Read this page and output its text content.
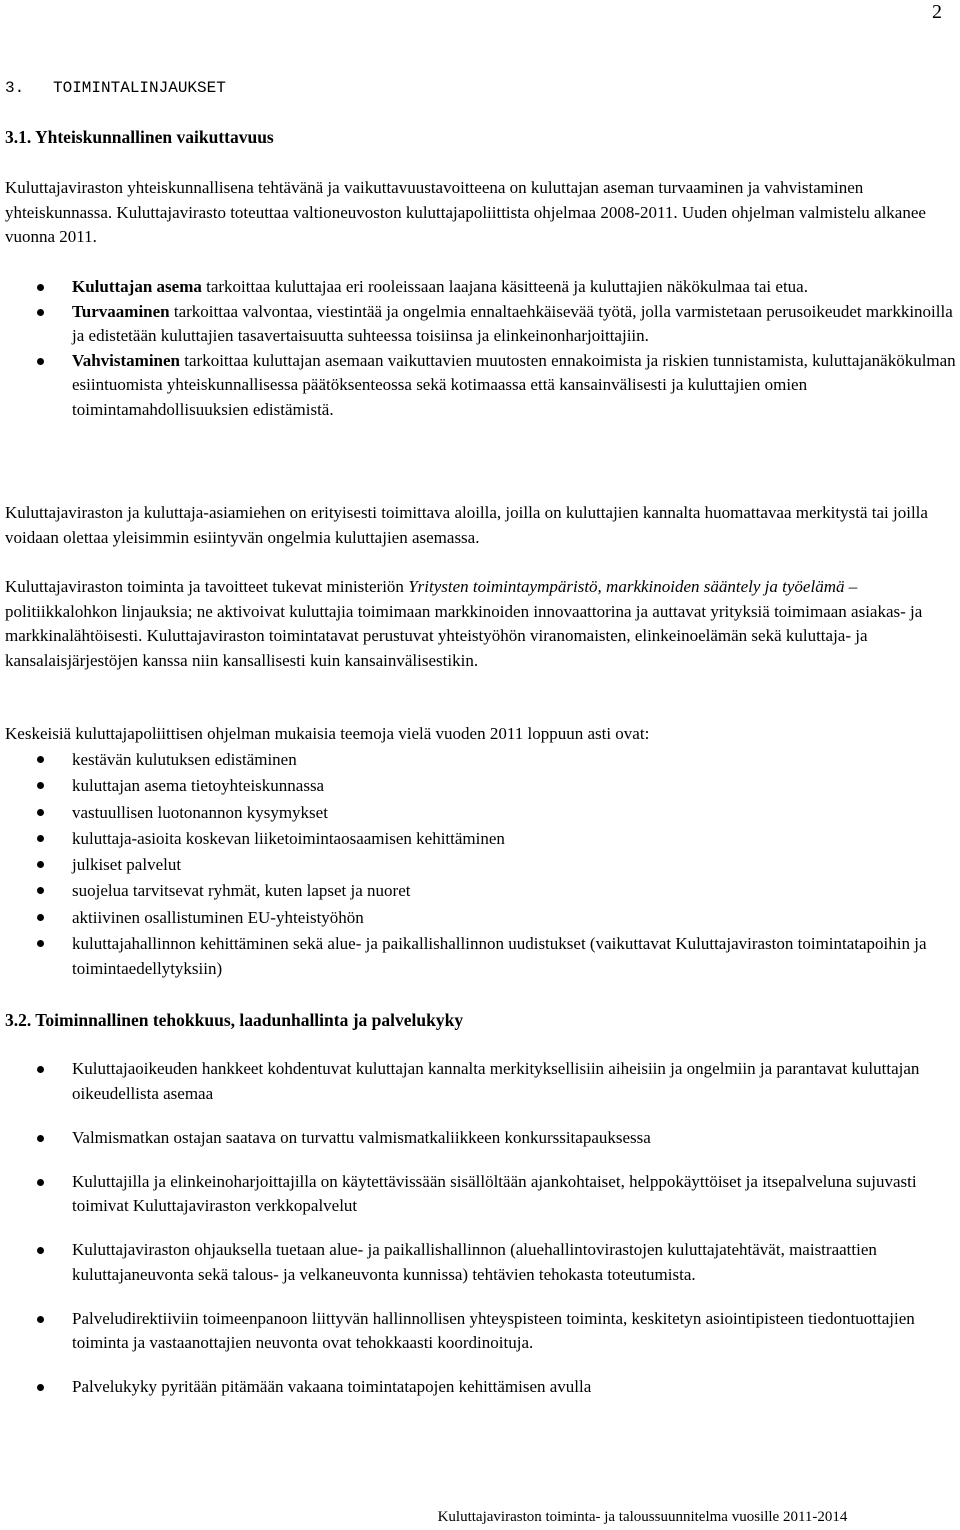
2
3. TOIMINTALINJAUKSET
3.1. Yhteiskunnallinen vaikuttavuus

Kuluttajaviraston yhteiskunnallisena tehtävänä ja vaikuttavuustavoitteena on kuluttajan aseman turvaaminen ja vahvistaminen yhteiskunnassa. Kuluttajavirasto toteuttaa valtioneuvoston kuluttajapoliittista ohjelmaa 2008-2011. Uuden ohjelman valmistelu alkanee vuonna 2011.

Kuluttajan asema tarkoittaa kuluttajaa eri rooleissaan laajana käsitteenä ja kuluttajien näkökulmaa tai etua.
Turvaaminen tarkoittaa valvontaa, viestintää ja ongelmia ennaltaehkäisevää työtä, jolla varmistetaan perusoikeudet markkinoilla ja edistetään kuluttajien tasavertaisuutta suhteessa toisiinsa ja elinkeinonharjoittajiin.
Vahvistaminen tarkoittaa kuluttajan asemaan vaikuttavien muutosten ennakoimista ja riskien tunnistamista, kuluttajanäkökulman esiintuomista yhteiskunnallisessa päätöksenteossa sekä kotimaassa että kansainvälisesti ja kuluttajien omien toimintamahdollisuuksien edistämistä.

Kuluttajaviraston ja kuluttaja-asiamiehen on erityisesti toimittava aloilla, joilla on kuluttajien kannalta huomattavaa merkitystä tai joilla voidaan olettaa yleisimmin esiintyvän ongelmia kuluttajien asemassa.

Kuluttajaviraston toiminta ja tavoitteet tukevat ministeriön Yritysten toimintaympäristö, markkinoiden sääntely ja työelämä – politiikkalohkon linjauksia; ne aktivoivat kuluttajia toimimaan markkinoiden innovaattorina ja auttavat yrityksiä toimimaan asiakas- ja markkinalähtöisesti. Kuluttajaviraston toimintatavat perustuvat yhteistyöhön viranomaisten, elinkeinoelämän sekä kuluttaja- ja kansalaisjärjestöjen kanssa niin kansallisesti kuin kansainvälisestikin.

Keskeisiä kuluttajapoliittisen ohjelman mukaisia teemoja vielä vuoden 2011 loppuun asti ovat:

kestävän kulutuksen edistäminen
kuluttajan asema tietoyhteiskunnassa
vastuullisen luotonannon kysymykset
kuluttaja-asioita koskevan liiketoimintaosaamisen kehittäminen
julkiset palvelut
suojelua tarvitsevat ryhmät, kuten lapset ja nuoret
aktiivinen osallistuminen EU-yhteistyöhön
kuluttajahallinnon kehittäminen sekä alue- ja paikallishallinnon uudistukset (vaikuttavat Kuluttajaviraston toimintatapoihin ja toimintaedellytyksiin)
3.2. Toiminnallinen tehokkuus, laadunhallinta ja palvelukyky
Kuluttajaoikeuden hankkeet kohdentuvat kuluttajan kannalta merkityksellisiin aiheisiin ja ongelmiin ja parantavat kuluttajan oikeudellista asemaa
Valmismatkan ostajan saatava on turvattu valmismatkaliikkeen konkurssitapauksessa
Kuluttajilla ja elinkeinoharjoittajilla on käytettävissään sisällöltään ajankohtaiset, helppokäyttöiset ja itsepalveluna sujuvasti toimivat Kuluttajaviraston verkkopalvelut
Kuluttajaviraston ohjauksella tuetaan alue- ja paikallishallinnon (aluehallintovirastojen kuluttajatehtävät, maistraattien kuluttajaneuvonta sekä talous- ja velkaneuvonta kunnissa) tehtävien tehokasta toteutumista.
Palveludirektiiviin toimeenpanoon liittyvän hallinnollisen yhteyspisteen toiminta, keskitetyn asiointipisteen tiedontuottajien toiminta ja vastaanottajien neuvonta ovat tehokkaasti koordinoituja.
Palvelukyky pyritään pitämään vakaana toimintatapojen kehittämisen avulla
Kuluttajaviraston toiminta- ja taloussuunnitelma vuosille 2011-2014
